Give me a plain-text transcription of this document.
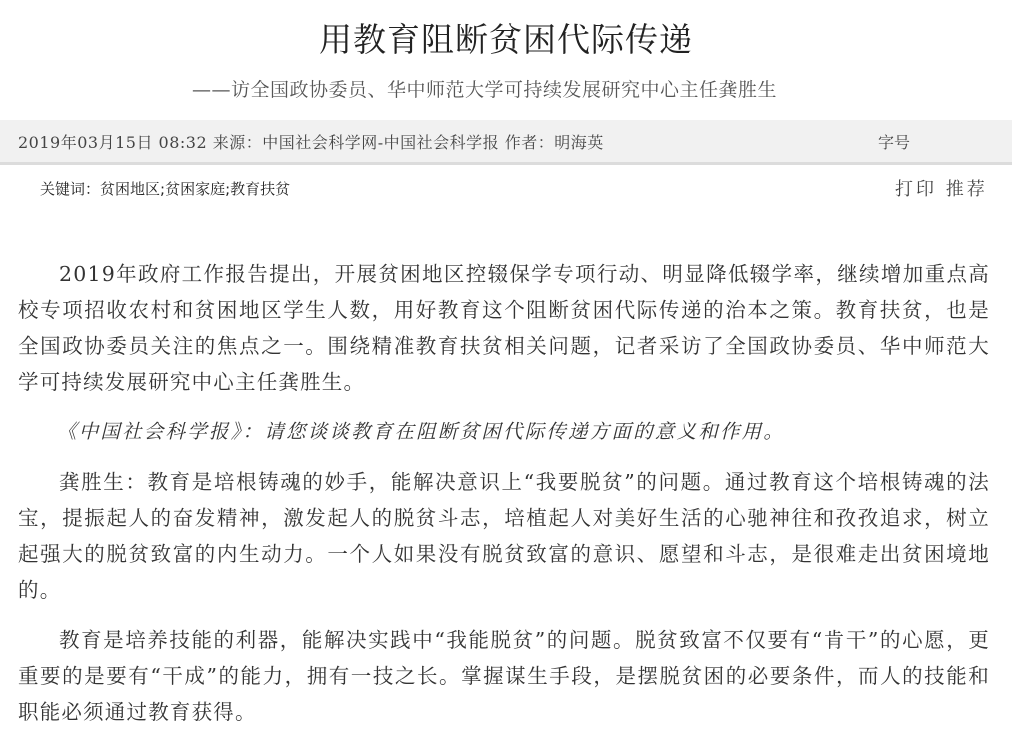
用教育阻断贫困代际传递
——访全国政协委员、华中师范大学可持续发展研究中心主任龚胜生
2019年03月15日 08:32 来源：中国社会科学网-中国社会科学报 作者：明海英	字号
关键词：贫困地区;贫困家庭;教育扶贫	打印 推荐

2019年政府工作报告提出，开展贫困地区控辍保学专项行动、明显降低辍学率，继续增加重点高校专项招收农村和贫困地区学生人数，用好教育这个阻断贫困代际传递的治本之策。教育扶贫，也是全国政协委员关注的焦点之一。围绕精准教育扶贫相关问题，记者采访了全国政协委员、华中师范大学可持续发展研究中心主任龚胜生。

《中国社会科学报》：请您谈谈教育在阻断贫困代际传递方面的意义和作用。

龚胜生：教育是培根铸魂的妙手，能解决意识上“我要脱贫”的问题。通过教育这个培根铸魂的法宝，提振起人的奋发精神，激发起人的脱贫斗志，培植起人对美好生活的心驰神往和孜孜追求，树立起强大的脱贫致富的内生动力。一个人如果没有脱贫致富的意识、愿望和斗志，是很难走出贫困境地的。

教育是培养技能的利器，能解决实践中“我能脱贫”的问题。脱贫致富不仅要有“肯干”的心愿，更重要的是要有“干成”的能力，拥有一技之长。掌握谋生手段，是摆脱贫困的必要条件，而人的技能和职能必须通过教育获得。
